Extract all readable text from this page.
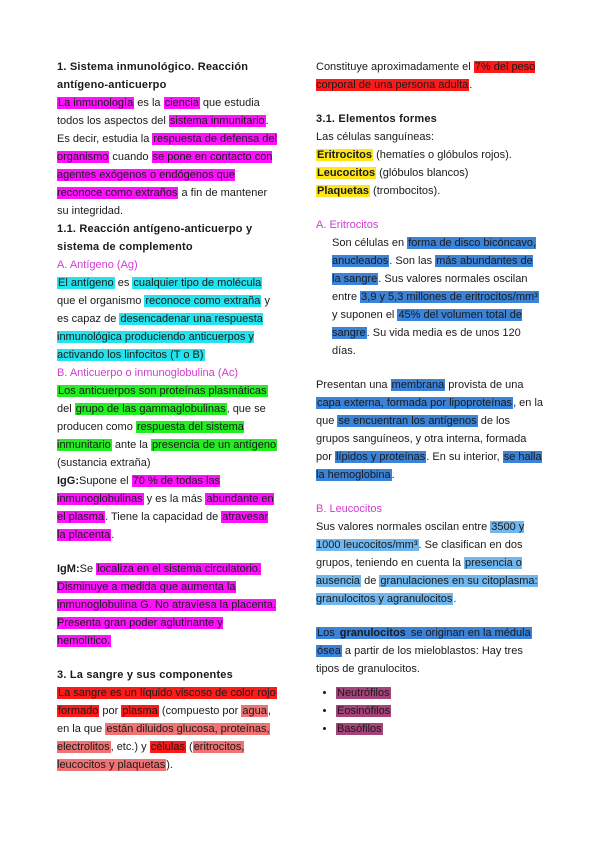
1. Sistema inmunológico. Reacción antígeno-anticuerpo

La inmunología es la ciencia que estudia todos los aspectos del sistema inmunitario. Es decir, estudia la respuesta de defensa del organismo cuando se pone en contacto con agentes exógenos o endógenos que reconoce como extraños a fin de mantener su integridad.

1.1. Reacción antígeno-anticuerpo y sistema de complemento

A. Antígeno (Ag)

El antígeno es cualquier tipo de molécula que el organismo reconoce como extraña y es capaz de desencadenar una respuesta inmunológica produciendo anticuerpos y activando los linfocitos (T o B)

B. Anticuerpo o inmunoglobulina (Ac)

Los anticuerpos son proteínas plasmáticas del grupo de las gammaglobulinas, que se producen como respuesta del sistema inmunitario ante la presencia de un antígeno (sustancia extraña)

IgG:Supone el 70 % de todas las inmunoglobulinas y es la más abundante en el plasma. Tiene la capacidad de atravesar la placenta.

IgM:Se localiza en el sistema circulatorio. Disminuye a medida que aumenta la inmunoglobulina G. No atraviesa la placenta. Presenta gran poder aglutinante y hemolítico.

3. La sangre y sus componentes

La sangre es un líquido viscoso de color rojo formado por plasma (compuesto por agua, en la que están diluidos glucosa, proteínas, electrolitos, etc.) y células (eritrocitos, leucocitos y plaquetas).

Constituye aproximadamente el 7% del peso corporal de una persona adulta.

3.1. Elementos formes

Las células sanguíneas:

Eritrocitos (hematíes o glóbulos rojos).

Leucocitos (glóbulos blancos)

Plaquetas (trombocitos).

A. Eritrocitos

Son células en forma de disco bicóncavo, anucleados. Son las más abundantes de la sangre. Sus valores normales oscilan entre 3,9 y 5,3 millones de eritrocitos/mm³ y suponen el 45% del volumen total de sangre. Su vida media es de unos 120 días.

Presentan una membrana provista de una capa externa, formada por lipoproteínas, en la que se encuentran los antígenos de los grupos sanguíneos, y otra interna, formada por lípidos y proteínas. En su interior, se halla la hemoglobina.

B. Leucocitos

Sus valores normales oscilan entre 3500 y 1000 leucocitos/mm³. Se clasifican en dos grupos, teniendo en cuenta la presencia o ausencia de granulaciones en su citoplasma: granulocitos y agranulocitos.

Los granulocitos se originan en la médula ósea a partir de los mieloblastos: Hay tres tipos de granulocitos.

• Neutrófilos
• Eosinófilos
• Basófilos
